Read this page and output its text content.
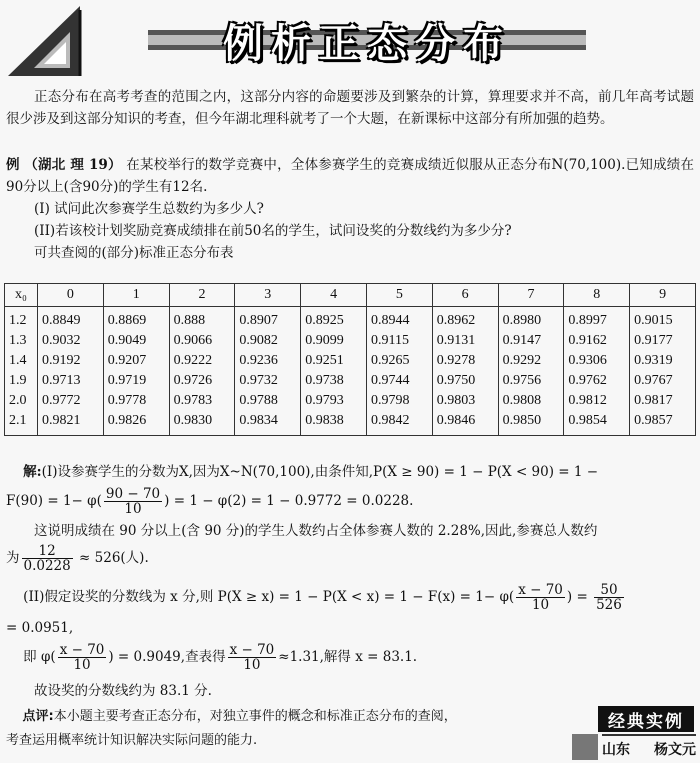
例析正态分布
正态分布在高考考查的范围之内，这部分内容的命题要涉及到繁杂的计算，算理要求并不高，前几年高考试题很少涉及到这部分知识的考查，但今年湖北理科就考了一个大题，在新课标中这部分有所加强的趋势。
例 （湖北 理 19） 在某校举行的数学竞赛中，全体参赛学生的竞赛成绩近似服从正态分布N(70,100).已知成绩在90分以上(含90分)的学生有12名.
(I) 试问此次参赛学生总数约为多少人?
(II)若该校计划奖励竞赛成绩排在前50名的学生，试问设奖的分数线约为多少分?
可共查阅的(部分)标准正态分布表
x₀	0	1	2	3	4	5	6	7	8	9
1.2	0.8849	0.8869	0.888	0.8907	0.8925	0.8944	0.8962	0.8980	0.8997	0.9015
1.3	0.9032	0.9049	0.9066	0.9082	0.9099	0.9115	0.9131	0.9147	0.9162	0.9177
1.4	0.9192	0.9207	0.9222	0.9236	0.9251	0.9265	0.9278	0.9292	0.9306	0.9319
1.9	0.9713	0.9719	0.9726	0.9732	0.9738	0.9744	0.9750	0.9756	0.9762	0.9767
2.0	0.9772	0.9778	0.9783	0.9788	0.9793	0.9798	0.9803	0.9808	0.9812	0.9817
2.1	0.9821	0.9826	0.9830	0.9834	0.9838	0.9842	0.9846	0.9850	0.9854	0.9857
解:(I)设参赛学生的分数为X,因为X~N(70,100),由条件知,P(X ≥ 90) = 1 − P(X < 90) = 1 −
$F(90) = 1- \varphi( \frac{90 - 70}{10}$ ) = 1 − φ(2) = 1 − 0.9772 = 0.0228.
这说明成绩在 90 分以上(含 90 分)的学生人数约占全体参赛人数的 2.28%,因此,参赛总人数约
为 $\frac{12}{0.0228} \approx 526$(人).
(II)假定设奖的分数线为 x 分,则 $P(X \ge x) = 1 - P(X < x) = 1 - F(x) = 1- \varphi( \frac{x - 70}{10}$ ) = $\frac{50}{526}$
= 0.0951,
即 $\varphi( \frac{x - 70}{10}$ ) = 0.9049,查表得 $\frac{x - 70}{10} \approx 1.31$,解得 x = 83.1.
故设奖的分数线约为 83.1 分.
点评:本小题主要考查正态分布，对独立事件的概念和标准正态分布的查阅，
考查运用概率统计知识解决实际问题的能力.
经典实例
山东 杨文元
